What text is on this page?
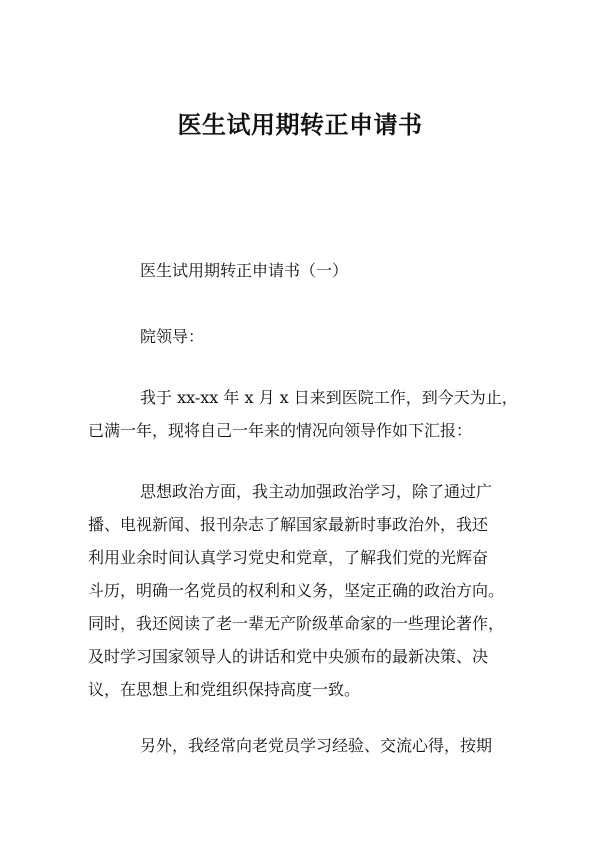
医生试用期转正申请书
医生试用期转正申请书（一）
院领导：
我于 xx-xx 年 x 月 x 日来到医院工作，到今天为止，
已满一年，现将自己一年来的情况向领导作如下汇报：
思想政治方面，我主动加强政治学习，除了通过广
播、电视新闻、报刊杂志了解国家最新时事政治外，我还
利用业余时间认真学习党史和党章，了解我们党的光辉奋
斗历，明确一名党员的权利和义务，坚定正确的政治方向。
同时，我还阅读了老一辈无产阶级革命家的一些理论著作，
及时学习国家领导人的讲话和党中央颁布的最新决策、决
议，在思想上和党组织保持高度一致。
另外，我经常向老党员学习经验、交流心得，按期
